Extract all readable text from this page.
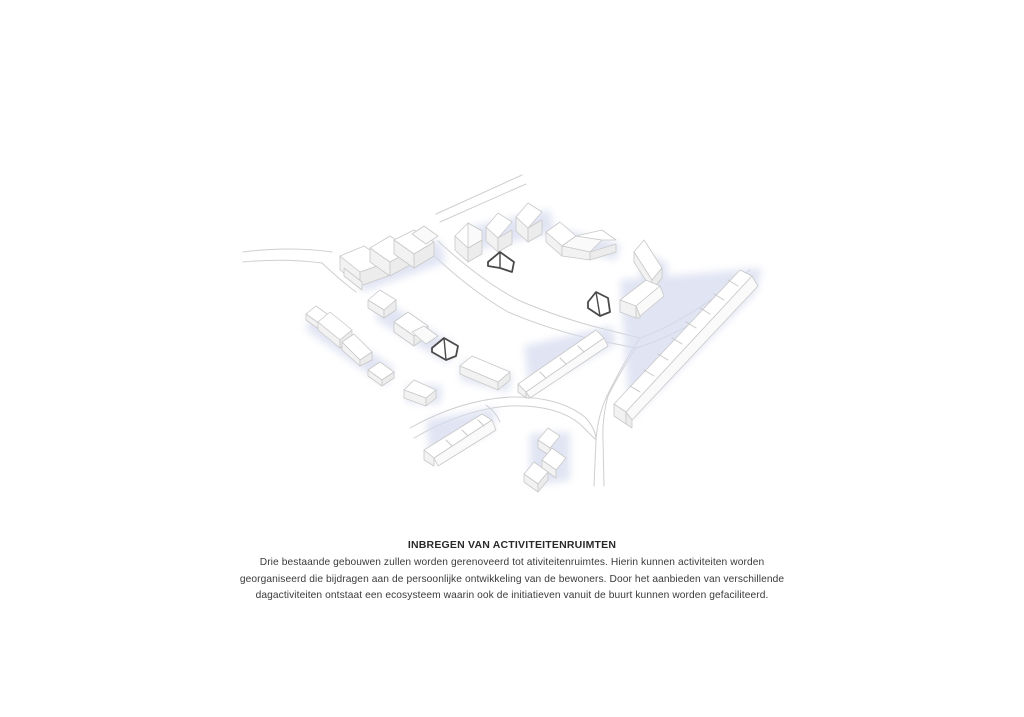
INBREGEN VAN ACTIVITEITENRUIMTEN

Drie bestaande gebouwen zullen worden gerenoveerd tot ativiteitenruimtes. Hierin kunnen activiteiten worden

georganiseerd die bijdragen aan de persoonlijke ontwikkeling van de bewoners. Door het aanbieden van verschillende

dagactiviteiten ontstaat een ecosysteem waarin ook de initiatieven vanuit de buurt kunnen worden gefaciliteerd.
